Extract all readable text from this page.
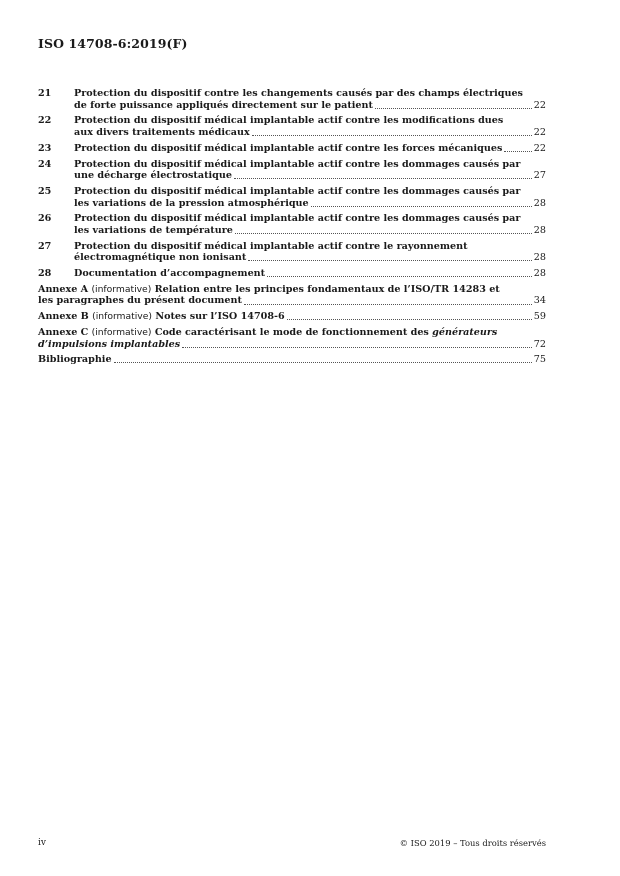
ISO 14708-6:2019(F)
21	Protection du dispositif contre les changements causés par des champs électriques
de forte puissance appliqués directement sur le patient	22
22	Protection du dispositif médical implantable actif contre les modifications dues
aux divers traitements médicaux	22
23	Protection du dispositif médical implantable actif contre les forces mécaniques	22
24	Protection du dispositif médical implantable actif contre les dommages causés par
une décharge électrostatique	27
25	Protection du dispositif médical implantable actif contre les dommages causés par
les variations de la pression atmosphérique	28
26	Protection du dispositif médical implantable actif contre les dommages causés par
les variations de température	28
27	Protection du dispositif médical implantable actif contre le rayonnement
électromagnétique non ionisant	28
28	Documentation d’accompagnement	28
Annexe A (informative) Relation entre les principes fondamentaux de l’ISO/TR 14283 et
les paragraphes du présent document	34
Annexe B (informative) Notes sur l’ISO 14708-6	59
Annexe C (informative) Code caractérisant le mode de fonctionnement des générateurs
d’impulsions implantables	72
Bibliographie	75
iv	© ISO 2019 – Tous droits réservés
